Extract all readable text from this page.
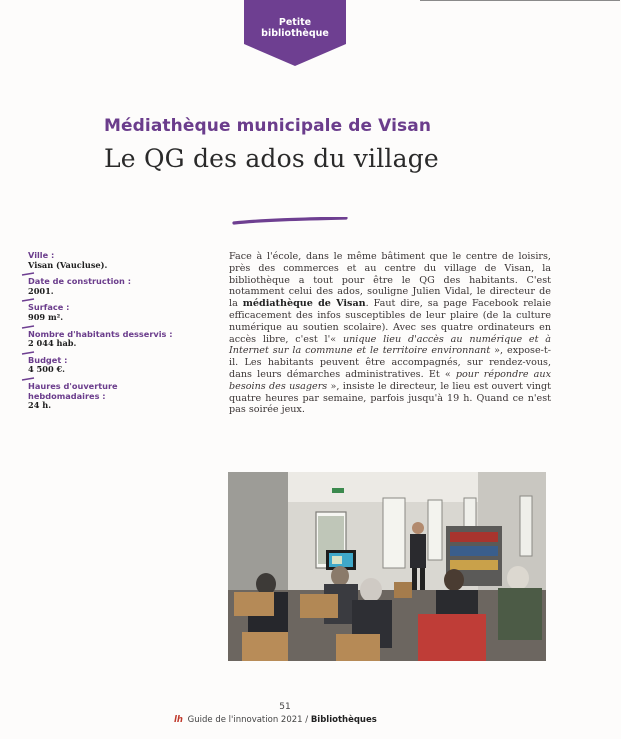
Petite
bibliothèque
Médiathèque municipale de Visan
Le QG des ados du village
Ville :
Visan (Vaucluse).
Date de construction :
2001.
Surface :
909 m².
Nombre d'habitants desservis :
2 044 hab.
Budget :
4 500 €.
Haures d'ouverture hebdomadaires :
24 h.
Face à l'école, dans le même bâtiment que le centre de loisirs, près des commerces et au centre du village de Visan, la bibliothèque a tout pour être le QG des habitants. C'est notamment celui des ados, souligne Julien Vidal, le directeur de la médiathèque de Visan. Faut dire, sa page Facebook relaie efficacement des infos susceptibles de leur plaire (de la culture numérique au soutien scolaire). Avec ses quatre ordinateurs en accès libre, c'est l'« unique lieu d'accès au numérique et à Internet sur la commune et le territoire environnant », expose-t-il. Les habitants peuvent être accompagnés, sur rendez-vous, dans leurs démarches administratives. Et « pour répondre aux besoins des usagers », insiste le directeur, le lieu est ouvert vingt quatre heures par semaine, parfois jusqu'à 19 h. Quand ce n'est pas soirée jeux.
51
lh Guide de l'innovation 2021 / Bibliothèques
